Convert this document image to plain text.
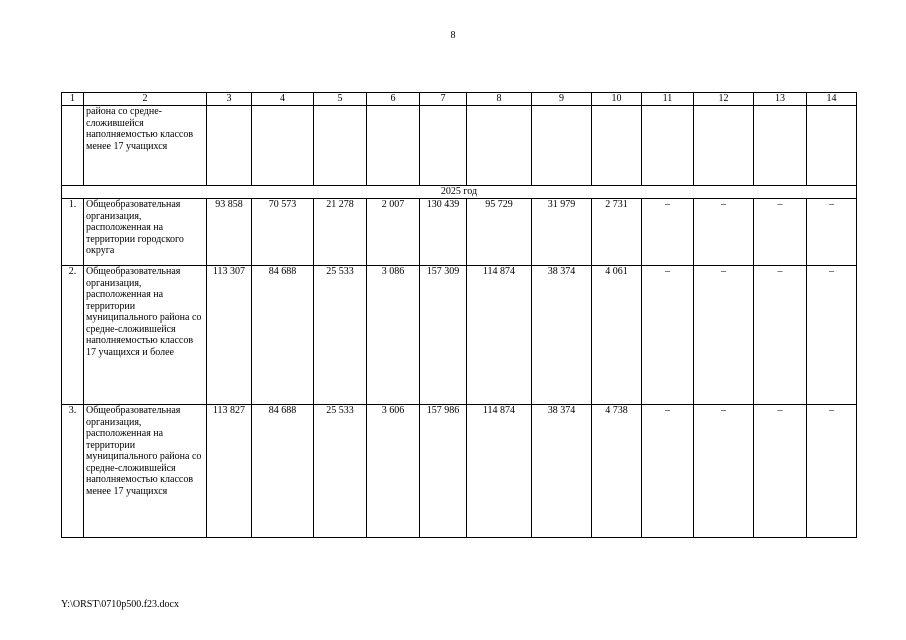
8
1	2	3	4	5	6	7	8	9	10	11	12	13	14
	района со средне-сложившейся наполняемостью классов менее 17 учащихся												
2025 год													
1.	Общеобразовательная организация, расположенная на территории городского округа	93 858	70 573	21 278	2 007	130 439	95 729	31 979	2 731	–	–	–	–
2.	Общеобразовательная организация, расположенная на территории муниципального района со средне-сложившейся наполняемостью классов 17 учащихся и более	113 307	84 688	25 533	3 086	157 309	114 874	38 374	4 061	–	–	–	–
3.	Общеобразовательная организация, расположенная на территории муниципального района со средне-сложившейся наполняемостью классов менее 17 учащихся	113 827	84 688	25 533	3 606	157 986	114 874	38 374	4 738	–	–	–	–
Y:\ORST\0710p500.f23.docx
